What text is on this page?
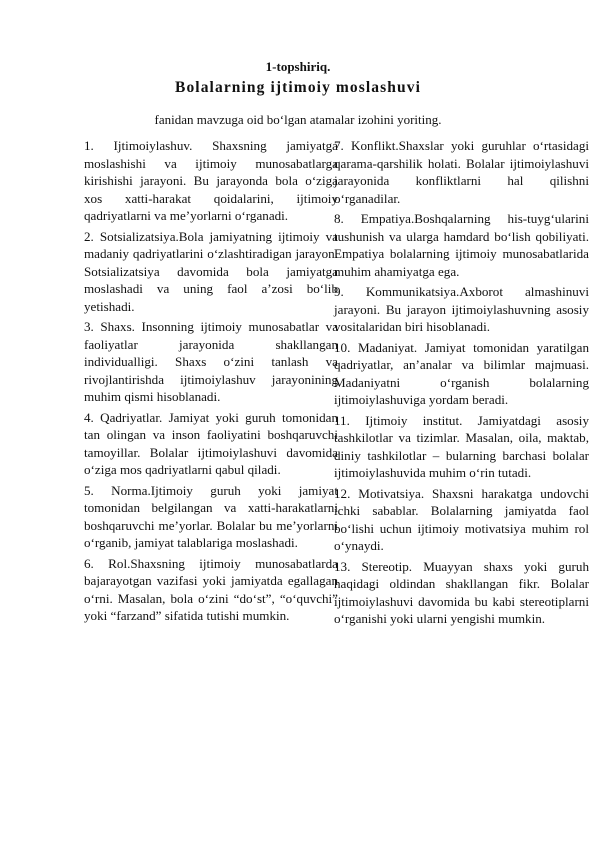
1-topshiriq.
Bolalarning ijtimoiy moslashuvi
fanidan mavzuga oid bo‘lgan atamalar izohini yoriting.

1. Ijtimoiylashuv. Shaxsning jamiyatga moslashishi va ijtimoiy munosabatlarga kirishishi jarayoni. Bu jarayonda bola o‘ziga xos xatti-harakat qoidalarini, ijtimoiy qadriyatlarni va me’yorlarni o‘rganadi.

2. Sotsializatsiya.Bola jamiyatning ijtimoiy va madaniy qadriyatlarini o‘zlashtiradigan jarayon. Sotsializatsiya davomida bola jamiyatga moslashadi va uning faol a’zosi bo‘lib yetishadi.

3. Shaxs. Insonning ijtimoiy munosabatlar va faoliyatlar jarayonida shakllangan individualligi. Shaxs o‘zini tanlash va rivojlantirishda ijtimoiylashuv jarayonining muhim qismi hisoblanadi.

4. Qadriyatlar. Jamiyat yoki guruh tomonidan tan olingan va inson faoliyatini boshqaruvchi tamoyillar. Bolalar ijtimoiylashuvi davomida o‘ziga mos qadriyatlarni qabul qiladi.

5. Norma.Ijtimoiy guruh yoki jamiyat tomonidan belgilangan va xatti-harakatlarni boshqaruvchi me’yorlar. Bolalar bu me’yorlarni o‘rganib, jamiyat talablariga moslashadi.

6. Rol.Shaxsning ijtimoiy munosabatlarda bajarayotgan vazifasi yoki jamiyatda egallagan o‘rni. Masalan, bola o‘zini “do‘st”, “o‘quvchi” yoki “farzand” sifatida tutishi mumkin.

7. Konflikt.Shaxslar yoki guruhlar o‘rtasidagi qarama-qarshilik holati. Bolalar ijtimoiylashuvi jarayonida konfliktlarni hal qilishni o‘rganadilar.

8. Empatiya.Boshqalarning his-tuyg‘ularini tushunish va ularga hamdard bo‘lish qobiliyati. Empatiya bolalarning ijtimoiy munosabatlarida muhim ahamiyatga ega.

9. Kommunikatsiya.Axborot almashinuvi jarayoni. Bu jarayon ijtimoiylashuvning asosiy vositalaridan biri hisoblanadi.

10. Madaniyat. Jamiyat tomonidan yaratilgan qadriyatlar, an’analar va bilimlar majmuasi. Madaniyatni o‘rganish bolalarning ijtimoiylashuviga yordam beradi.

11. Ijtimoiy institut. Jamiyatdagi asosiy tashkilotlar va tizimlar. Masalan, oila, maktab, diniy tashkilotlar – bularning barchasi bolalar ijtimoiylashuvida muhim o‘rin tutadi.

12. Motivatsiya. Shaxsni harakatga undovchi ichki sabablar. Bolalarning jamiyatda faol bo‘lishi uchun ijtimoiy motivatsiya muhim rol o‘ynaydi.

13. Stereotip. Muayyan shaxs yoki guruh haqidagi oldindan shakllangan fikr. Bolalar ijtimoiylashuvi davomida bu kabi stereotiplarni o‘rganishi yoki ularni yengishi mumkin.
